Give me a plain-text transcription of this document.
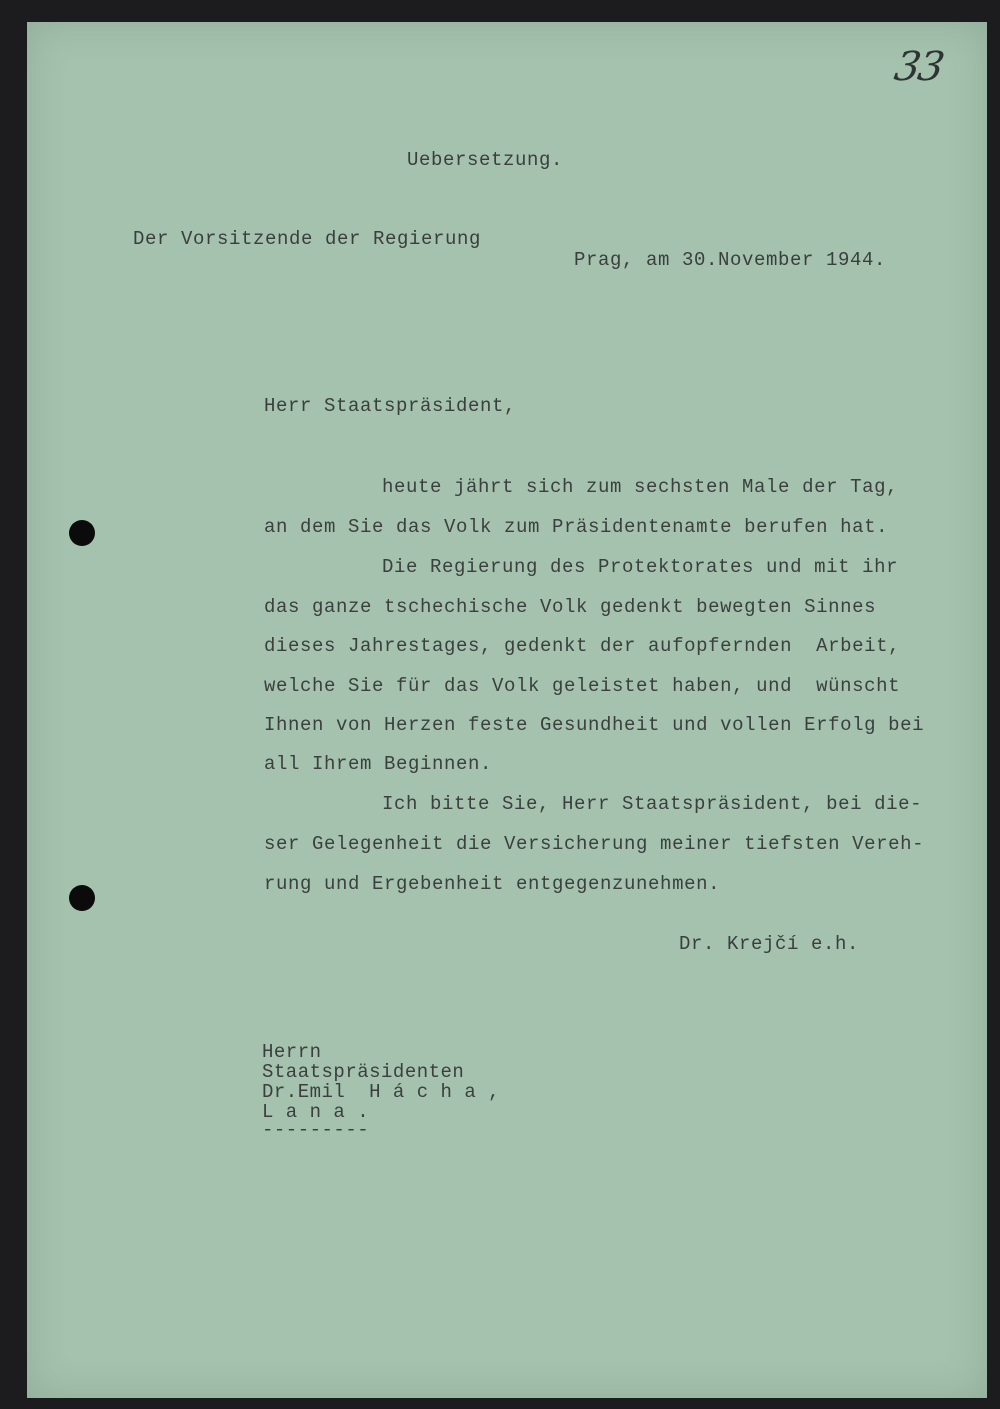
33
Uebersetzung.
Der Vorsitzende der Regierung
Prag, am 30.November 1944.
Herr Staatspräsident,
heute jährt sich zum sechsten Male der Tag,
an dem Sie das Volk zum Präsidentenamte berufen hat.
Die Regierung des Protektorates und mit ihr
das ganze tschechische Volk gedenkt bewegten Sinnes
dieses Jahrestages, gedenkt der aufopfernden  Arbeit,
welche Sie für das Volk geleistet haben, und  wünscht
Ihnen von Herzen feste Gesundheit und vollen Erfolg bei
all Ihrem Beginnen.
Ich bitte Sie, Herr Staatspräsident, bei die-
ser Gelegenheit die Versicherung meiner tiefsten Vereh-
rung und Ergebenheit entgegenzunehmen.
Dr. Krejčí e.h.
Herrn
Staatspräsidenten
Dr.Emil  H á c h a ,
L a n a .
---------
